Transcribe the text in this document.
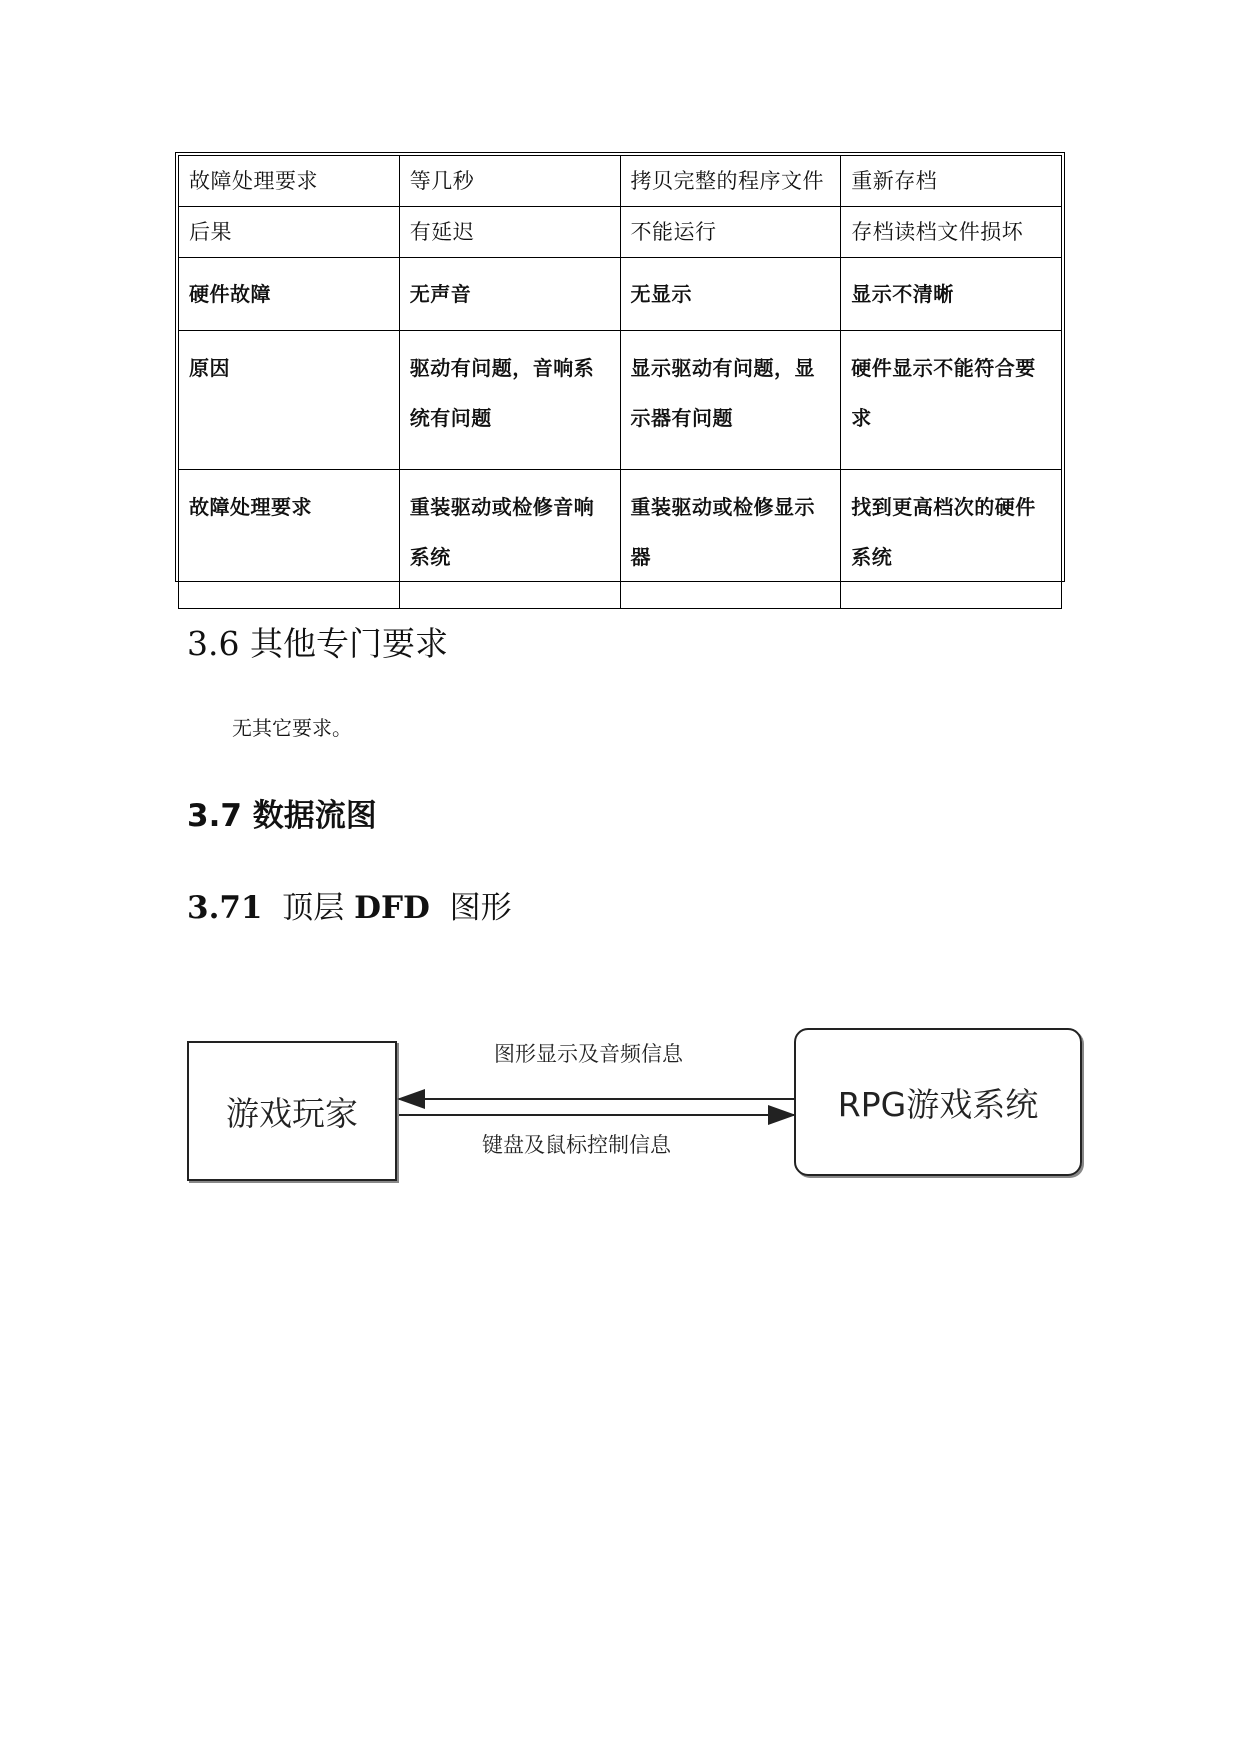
故障处理要求	等几秒	拷贝完整的程序文件	重新存档
后果	有延迟	不能运行	存档读档文件损坏
硬件故障	无声音	无显示	显示不清晰
原因	驱动有问题，音响系统有问题	显示驱动有问题，显示器有问题	硬件显示不能符合要求
故障处理要求	重装驱动或检修音响系统	重装驱动或检修显示器	找到更高档次的硬件系统
3.6 其他专门要求

无其它要求。

3.7 数据流图
3.71 顶层 DFD 图形
游戏玩家	RPG游戏系统
图形显示及音频信息
键盘及鼠标控制信息
